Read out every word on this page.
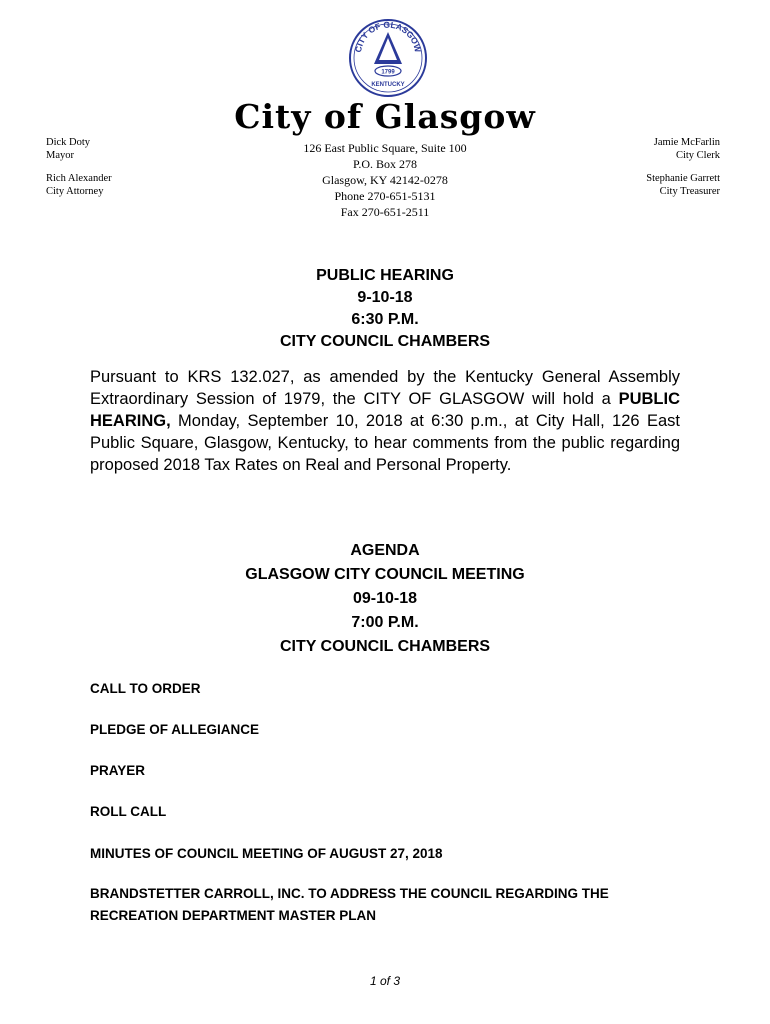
CITY OF GLASGOW
1799
KENTUCKY
City of Glasgow
126 East Public Square, Suite 100
P.O. Box 278
Glasgow, KY 42142-0278
Phone 270-651-5131
Fax 270-651-2511
Dick Doty
Mayor
Rich Alexander
City Attorney
Jamie McFarlin
City Clerk
Stephanie Garrett
City Treasurer
PUBLIC HEARING
9-10-18
6:30 P.M.
CITY COUNCIL CHAMBERS

Pursuant to KRS 132.027, as amended by the Kentucky General Assembly Extraordinary Session of 1979, the CITY OF GLASGOW will hold a PUBLIC HEARING, Monday, September 10, 2018 at 6:30 p.m., at City Hall, 126 East Public Square, Glasgow, Kentucky, to hear comments from the public regarding proposed 2018 Tax Rates on Real and Personal Property.

AGENDA
GLASGOW CITY COUNCIL MEETING
09-10-18
7:00 P.M.
CITY COUNCIL CHAMBERS
CALL TO ORDER
PLEDGE OF ALLEGIANCE
PRAYER
ROLL CALL
MINUTES OF COUNCIL MEETING OF AUGUST 27, 2018
BRANDSTETTER CARROLL, INC. TO ADDRESS THE COUNCIL REGARDING THE RECREATION DEPARTMENT MASTER PLAN
1 of 3
